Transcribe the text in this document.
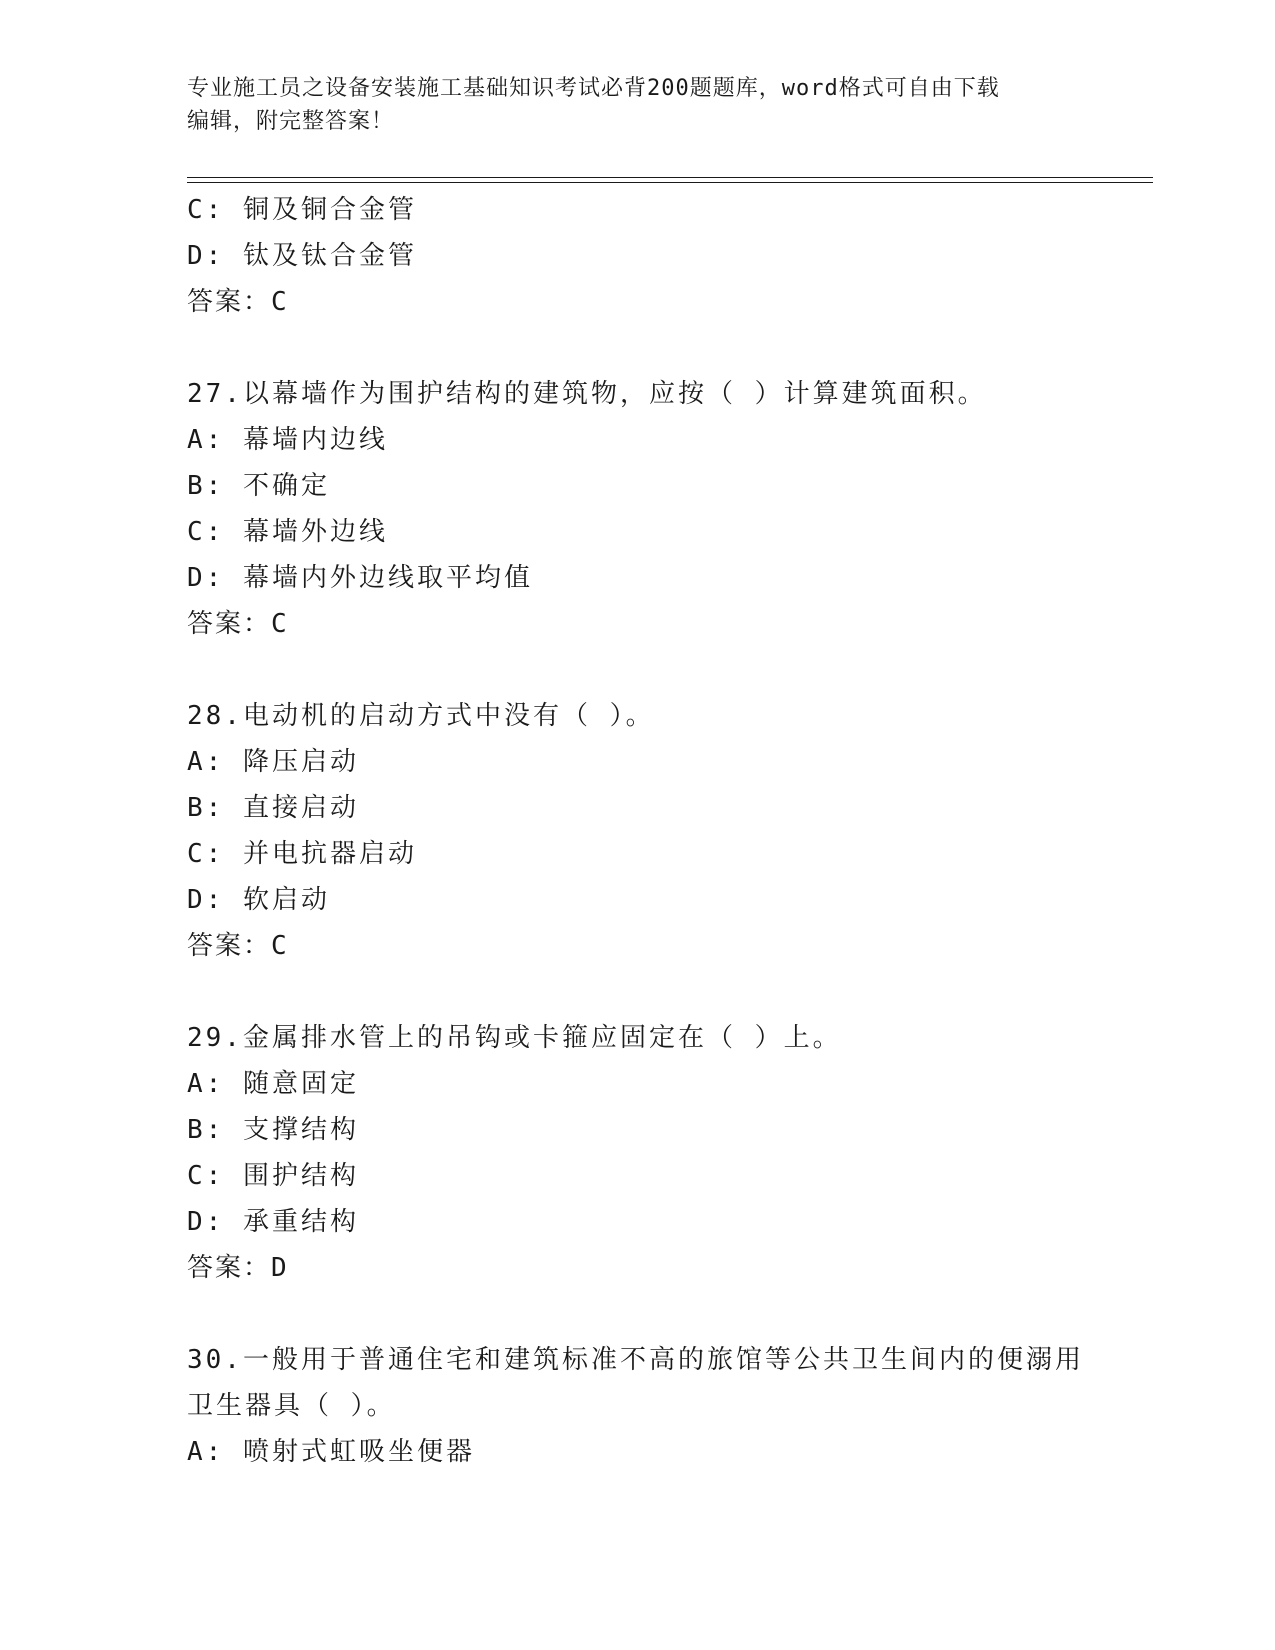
专业施工员之设备安装施工基础知识考试必背200题题库，word格式可自由下载
编辑，附完整答案！
C: 铜及铜合金管
D: 钛及钛合金管
答案：C
27.以幕墙作为围护结构的建筑物，应按（ ）计算建筑面积。
A: 幕墙内边线
B: 不确定
C: 幕墙外边线
D: 幕墙内外边线取平均值
答案：C
28.电动机的启动方式中没有（ ）。
A: 降压启动
B: 直接启动
C: 并电抗器启动
D: 软启动
答案：C
29.金属排水管上的吊钩或卡箍应固定在（ ）上。
A: 随意固定
B: 支撑结构
C: 围护结构
D: 承重结构
答案：D
30.一般用于普通住宅和建筑标准不高的旅馆等公共卫生间内的便溺用
卫生器具（ ）。
A: 喷射式虹吸坐便器
